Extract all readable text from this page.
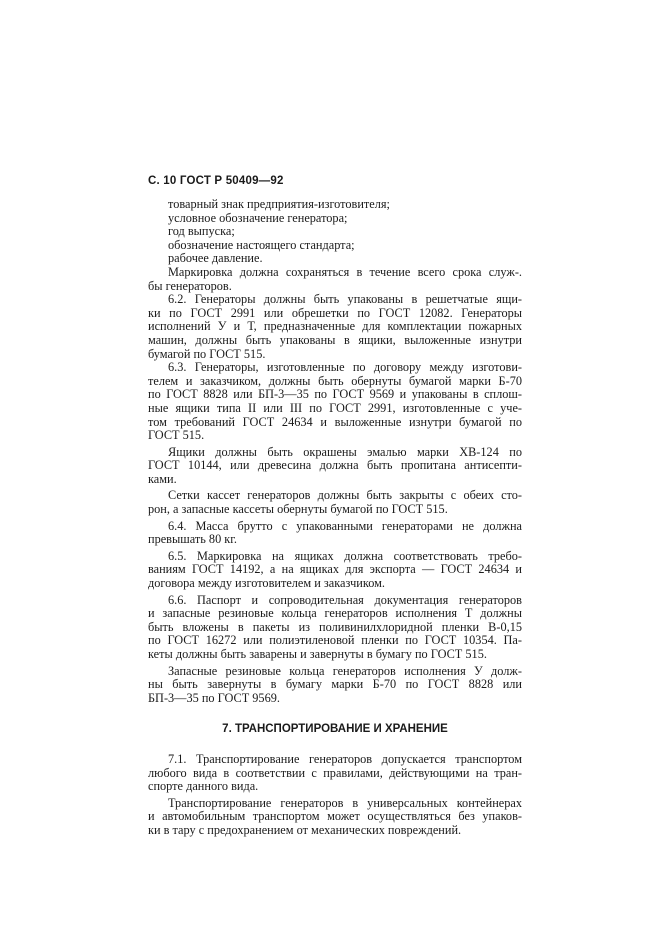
С. 10 ГОСТ Р 50409—92
товарный знак предприятия-изготовителя;
условное обозначение генератора;
год выпуска;
обозначение настоящего стандарта;
рабочее давление.
Маркировка должна сохраняться в течение всего срока служ-.
бы генераторов.
6.2. Генераторы должны быть упакованы в решетчатые ящи-
ки по ГОСТ 2991 или обрешетки по ГОСТ 12082. Генераторы
исполнений У и Т, предназначенные для комплектации пожарных
машин, должны быть упакованы в ящики, выложенные изнутри
бумагой по ГОСТ 515.
6.3. Генераторы, изготовленные по договору между изготови-
телем и заказчиком, должны быть обернуты бумагой марки Б-70
по ГОСТ 8828 или БП-3—35 по ГОСТ 9569 и упакованы в сплош-
ные ящики типа II или III по ГОСТ 2991, изготовленные с уче-
том требований ГОСТ 24634 и выложенные изнутри бумагой по
ГОСТ 515.
Ящики должны быть окрашены эмалью марки ХВ-124 по
ГОСТ 10144, или древесина должна быть пропитана антисепти-
ками.
Сетки кассет генераторов должны быть закрыты с обеих сто-
рон, а запасные кассеты обернуты бумагой по ГОСТ 515.
6.4. Масса брутто с упакованными генераторами не должна
превышать 80 кг.
6.5. Маркировка на ящиках должна соответствовать требо-
ваниям ГОСТ 14192, а на ящиках для экспорта — ГОСТ 24634 и
договора между изготовителем и заказчиком.
6.6. Паспорт и сопроводительная документация генераторов
и запасные резиновые кольца генераторов исполнения Т должны
быть вложены в пакеты из поливинилхлоридной пленки В-0,15
по ГОСТ 16272 или полиэтиленовой пленки по ГОСТ 10354. Па-
кеты должны быть заварены и завернуты в бумагу по ГОСТ 515.
Запасные резиновые кольца генераторов исполнения У долж-
ны быть завернуты в бумагу марки Б-70 по ГОСТ 8828 или
БП-3—35 по ГОСТ 9569.
7. ТРАНСПОРТИРОВАНИЕ И ХРАНЕНИЕ
7.1. Транспортирование генераторов допускается транспортом
любого вида в соответствии с правилами, действующими на тран-
спорте данного вида.
Транспортирование генераторов в универсальных контейнерах
и автомобильным транспортом может осуществляться без упаков-
ки в тару с предохранением от механических повреждений.
